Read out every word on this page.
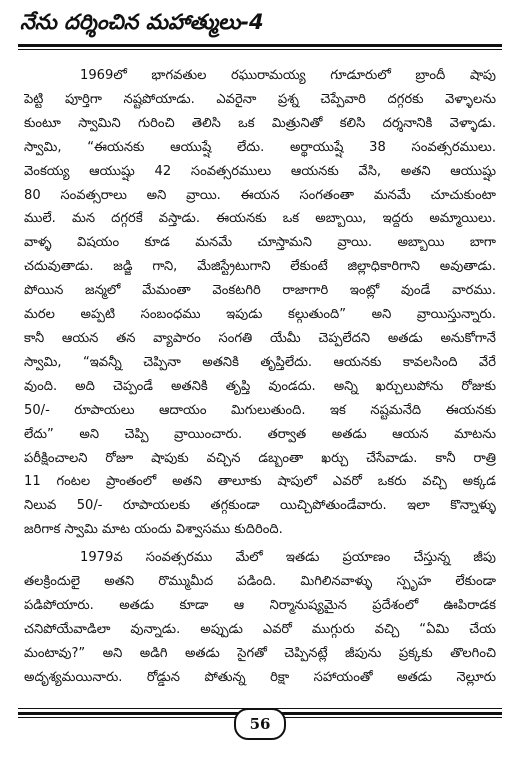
నేను దర్శించిన మహాత్ములు-4
1969లో భాగవతుల రఘురామయ్య గూడూరులో బ్రాందీ షాపు
పెట్టి పూర్తిగా నష్టపోయాడు. ఎవరైనా ప్రశ్న చెప్పేవారి దగ్గరకు వెళ్ళాలను
కుంటూ స్వామిని గురించి తెలిసి ఒక మిత్రునితో కలిసి దర్శనానికి వెళ్ళాడు.
స్వామి, “ఈయనకు ఆయుష్షే లేదు. అర్థాయుష్షే 38 సంవత్సరములు.
వెంకయ్య ఆయుష్షు 42 సంవత్సరములు ఆయనకు వేసి, అతని ఆయుష్షు
80 సంవత్సరాలు అని వ్రాయి. ఈయన సంగతంతా మనమే చూచుకుంటా
ములే. మన దగ్గరకే వస్తాడు. ఈయనకు ఒక అబ్బాయి, ఇద్దరు అమ్మాయిలు.
వాళ్ళ విషయం కూడ మనమే చూస్తామని వ్రాయి. అబ్బాయి బాగా
చదువుతాడు. జడ్జి గాని, మేజిస్ట్రేటుగాని లేకుంటే జిల్లాధికారిగాని అవుతాడు.
పోయిన జన్మలో మేమంతా వెంకటగిరి రాజాగారి ఇంట్లో వుండే వారము.
మరల అప్పటి సంబంధము ఇపుడు కల్గుతుంది” అని వ్రాయిస్తున్నారు.
కానీ ఆయన తన వ్యాపారం సంగతి యేమీ చెప్పలేదని అతడు అనుకోగానే
స్వామి, “ఇవన్నీ చెప్పినా అతనికి తృప్తిలేదు. ఆయనకు కావలసింది వేరే
వుంది. అది చెప్పండే అతనికి తృప్తి వుండదు. అన్ని ఖర్చులుపోను రోజుకు
50/- రూపాయలు ఆదాయం మిగులుతుంది. ఇక నష్టమనేది ఈయనకు
లేదు” అని చెప్పి వ్రాయించారు. తర్వాత అతడు ఆయన మాటను
పరీక్షించాలని రోజూ షాపుకు వచ్చిన డబ్బంతా ఖర్చు చేసేవాడు. కానీ రాత్రి
11 గంటల ప్రాంతంలో అతని తాలూకు షాపులో ఎవరో ఒకరు వచ్చి అక్కడ
నిలువ 50/- రూపాయలకు తగ్గకుండా యిచ్చిపోతుండేవారు. ఇలా కొన్నాళ్ళు
జరిగాక స్వామి మాట యందు విశ్వాసము కుదిరింది.
1979వ సంవత్సరము మేలో ఇతడు ప్రయాణం చేస్తున్న జీపు
తలక్రిందులై అతని రొమ్ముమీద పడింది. మిగిలినవాళ్ళు స్పృహ లేకుండా
పడిపోయారు. అతడు కూడా ఆ నిర్మానుష్యమైన ప్రదేశంలో ఊపిరాడక
చనిపోయేవాడిలా వున్నాడు. అప్పుడు ఎవరో ముగ్గురు వచ్చి “ఏమి చేయ
మంటావు?” అని అడిగి అతడు సైగతో చెప్పినట్లే జీపును ప్రక్కకు తొలగించి
అదృశ్యమయినారు. రోడ్డున పోతున్న రిక్షా సహాయంతో అతడు నెల్లూరు
56
